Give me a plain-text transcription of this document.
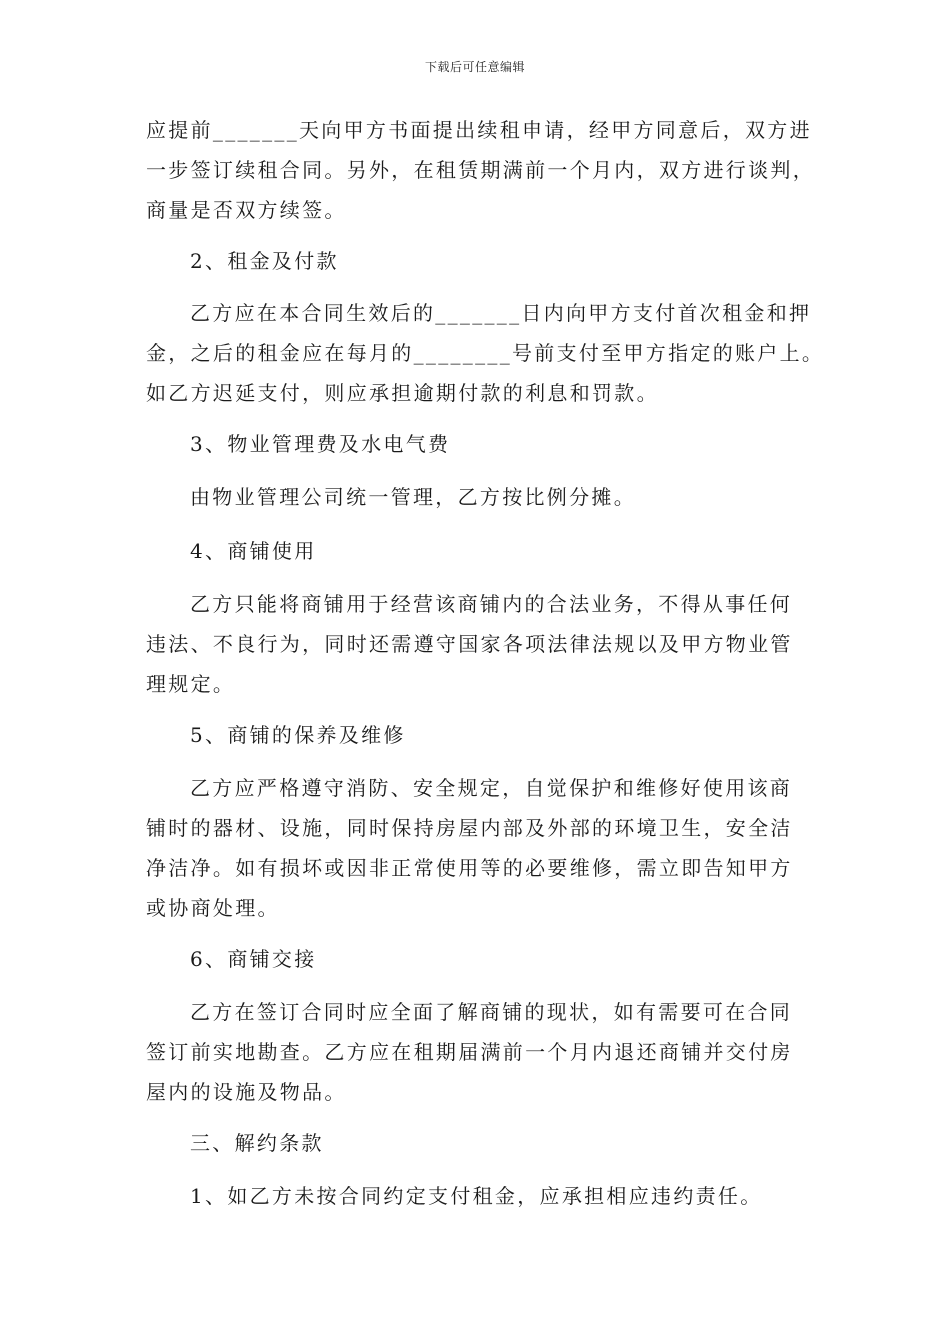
下载后可任意编辑
应提前_______天向甲方书面提出续租申请，经甲方同意后，双方进
一步签订续租合同。另外，在租赁期满前一个月内，双方进行谈判，
商量是否双方续签。
2、租金及付款
乙方应在本合同生效后的_______日内向甲方支付首次租金和押
金，之后的租金应在每月的________号前支付至甲方指定的账户上。
如乙方迟延支付，则应承担逾期付款的利息和罚款。
3、物业管理费及水电气费
由物业管理公司统一管理，乙方按比例分摊。
4、商铺使用
乙方只能将商铺用于经营该商铺内的合法业务，不得从事任何
违法、不良行为，同时还需遵守国家各项法律法规以及甲方物业管
理规定。
5、商铺的保养及维修
乙方应严格遵守消防、安全规定，自觉保护和维修好使用该商
铺时的器材、设施，同时保持房屋内部及外部的环境卫生，安全洁
净洁净。如有损坏或因非正常使用等的必要维修，需立即告知甲方
或协商处理。
6、商铺交接
乙方在签订合同时应全面了解商铺的现状，如有需要可在合同
签订前实地勘查。乙方应在租期届满前一个月内退还商铺并交付房
屋内的设施及物品。
三、解约条款
1、如乙方未按合同约定支付租金，应承担相应违约责任。
